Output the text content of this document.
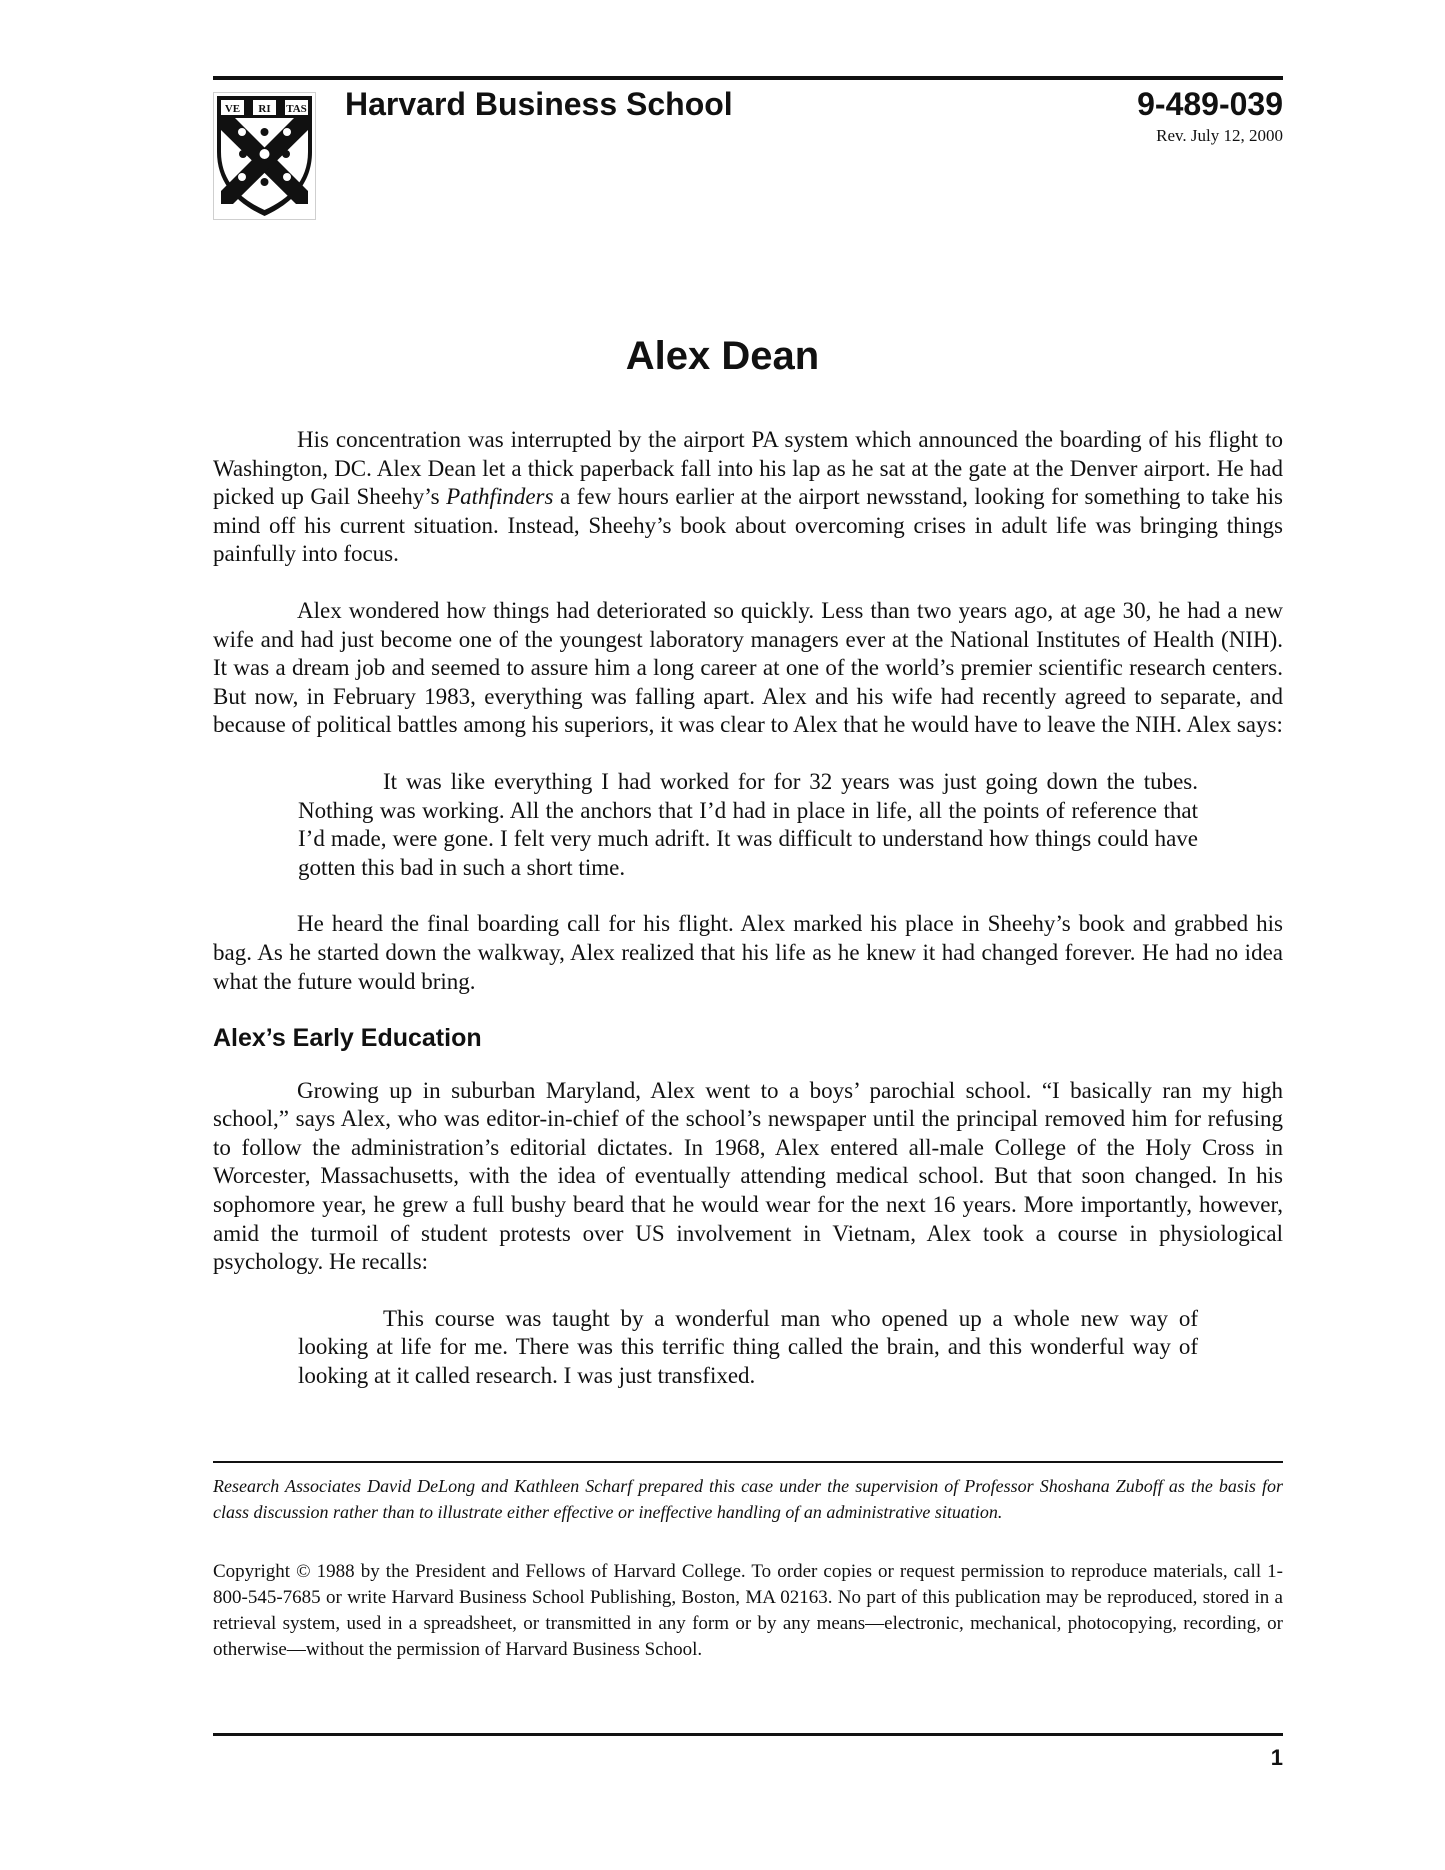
VE RI TAS Harvard Business School	9-489-039
Rev. July 12, 2000
Alex Dean

His concentration was interrupted by the airport PA system which announced the boarding of his flight to Washington, DC. Alex Dean let a thick paperback fall into his lap as he sat at the gate at the Denver airport. He had picked up Gail Sheehy’s Pathfinders a few hours earlier at the airport newsstand, looking for something to take his mind off his current situation. Instead, Sheehy’s book about overcoming crises in adult life was bringing things painfully into focus.

Alex wondered how things had deteriorated so quickly. Less than two years ago, at age 30, he had a new wife and had just become one of the youngest laboratory managers ever at the National Institutes of Health (NIH). It was a dream job and seemed to assure him a long career at one of the world’s premier scientific research centers. But now, in February 1983, everything was falling apart. Alex and his wife had recently agreed to separate, and because of political battles among his superiors, it was clear to Alex that he would have to leave the NIH. Alex says:

It was like everything I had worked for for 32 years was just going down the tubes. Nothing was working. All the anchors that I’d had in place in life, all the points of reference that I’d made, were gone. I felt very much adrift. It was difficult to understand how things could have gotten this bad in such a short time.

He heard the final boarding call for his flight. Alex marked his place in Sheehy’s book and grabbed his bag. As he started down the walkway, Alex realized that his life as he knew it had changed forever. He had no idea what the future would bring.

Alex’s Early Education

Growing up in suburban Maryland, Alex went to a boys’ parochial school. “I basically ran my high school,” says Alex, who was editor-in-chief of the school’s newspaper until the principal removed him for refusing to follow the administration’s editorial dictates. In 1968, Alex entered all-male College of the Holy Cross in Worcester, Massachusetts, with the idea of eventually attending medical school. But that soon changed. In his sophomore year, he grew a full bushy beard that he would wear for the next 16 years. More importantly, however, amid the turmoil of student protests over US involvement in Vietnam, Alex took a course in physiological psychology. He recalls:

This course was taught by a wonderful man who opened up a whole new way of looking at life for me. There was this terrific thing called the brain, and this wonderful way of looking at it called research. I was just transfixed.

Research Associates David DeLong and Kathleen Scharf prepared this case under the supervision of Professor Shoshana Zuboff as the basis for class discussion rather than to illustrate either effective or ineffective handling of an administrative situation.
Copyright © 1988 by the President and Fellows of Harvard College. To order copies or request permission to reproduce materials, call 1-800-545-7685 or write Harvard Business School Publishing, Boston, MA 02163. No part of this publication may be reproduced, stored in a retrieval system, used in a spreadsheet, or transmitted in any form or by any means—electronic, mechanical, photocopying, recording, or otherwise—without the permission of Harvard Business School.
1
